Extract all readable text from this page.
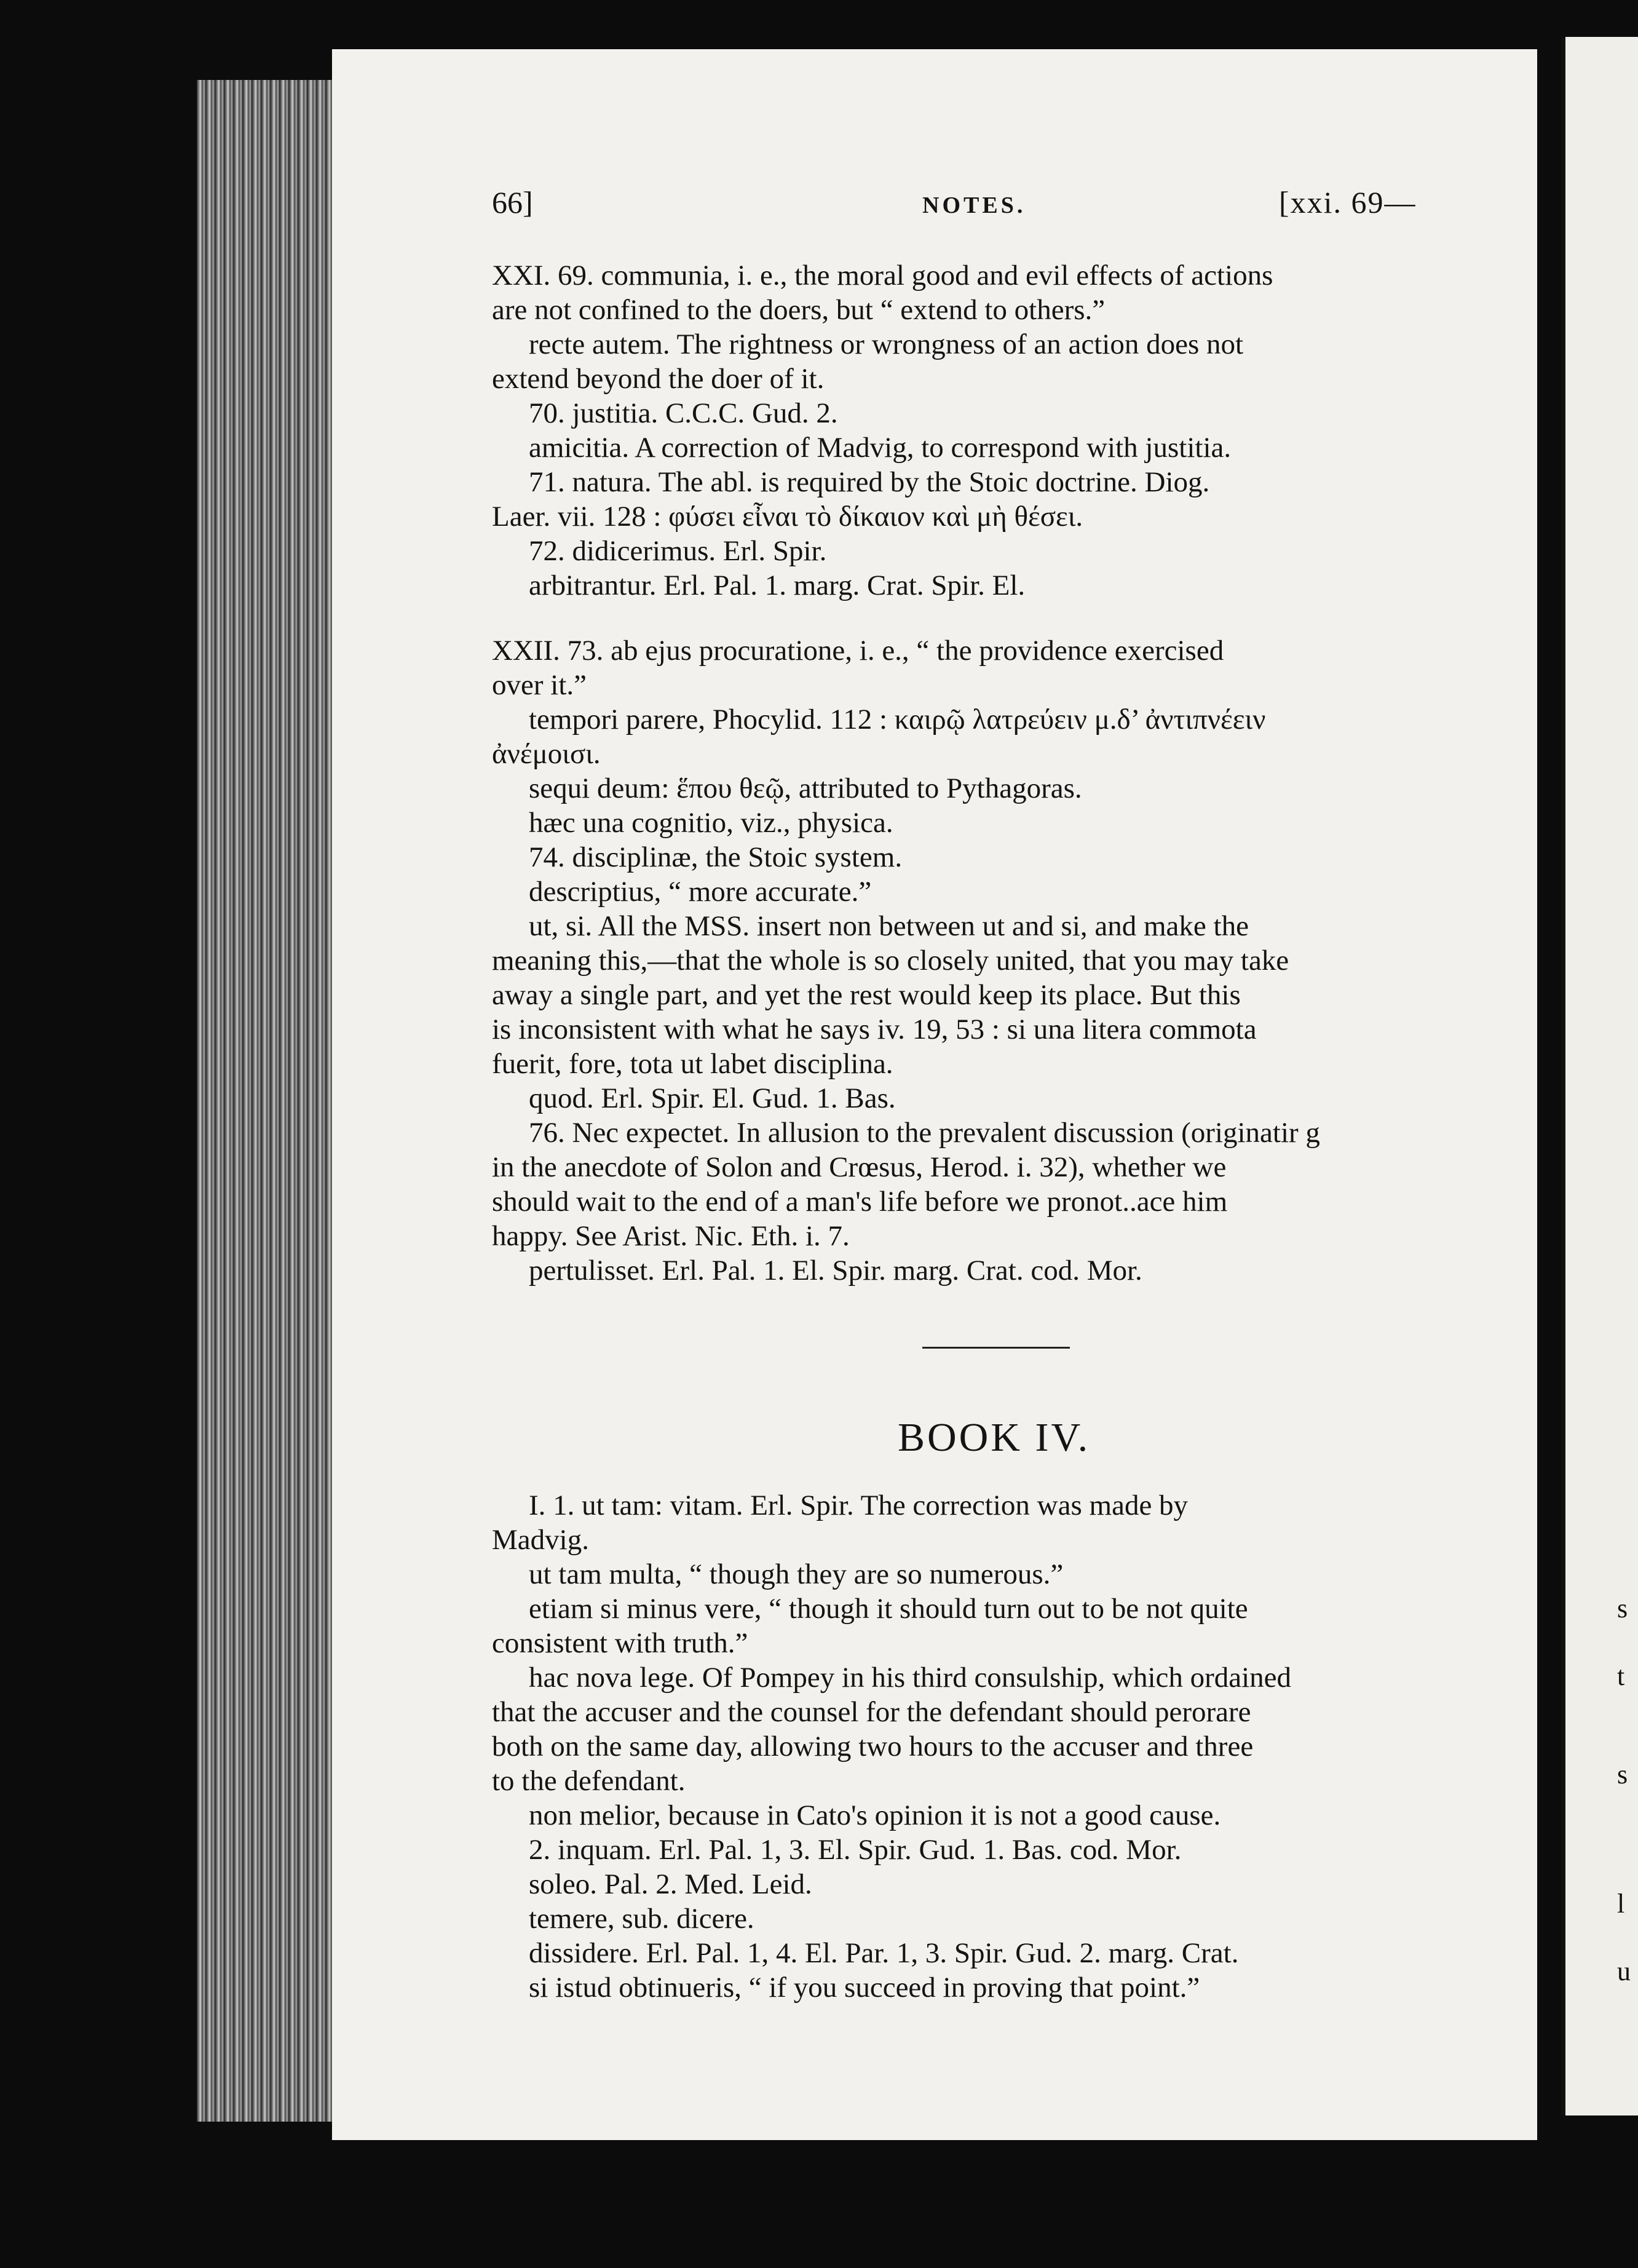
s
t
s
l
u
66]	NOTES.	[xxi. 69—
XXI. 69. communia, i. e., the moral good and evil effects of actions
are not confined to the doers, but “ extend to others.”
recte autem. The rightness or wrongness of an action does not
extend beyond the doer of it.
70. justitia. C.C.C. Gud. 2.
amicitia. A correction of Madvig, to correspond with justitia.
71. natura. The abl. is required by the Stoic doctrine. Diog.
Laer. vii. 128 : φύσει εἶναι τὸ δίκαιον καὶ μὴ θέσει.
72. didicerimus. Erl. Spir.
arbitrantur. Erl. Pal. 1. marg. Crat. Spir. El.
XXII. 73. ab ejus procuratione, i. e., “ the providence exercised
over it.”
tempori parere, Phocylid. 112 : καιρῷ λατρεύειν μ.δ’ ἀντιπνέειν
ἀνέμοισι.
sequi deum: ἕπου θεῷ, attributed to Pythagoras.
hæc una cognitio, viz., physica.
74. disciplinæ, the Stoic system.
descriptius, “ more accurate.”
ut, si. All the MSS. insert non between ut and si, and make the
meaning this,—that the whole is so closely united, that you may take
away a single part, and yet the rest would keep its place. But this
is inconsistent with what he says iv. 19, 53 : si una litera commota
fuerit, fore, tota ut labet disciplina.
quod. Erl. Spir. El. Gud. 1. Bas.
76. Nec expectet. In allusion to the prevalent discussion (originatir g
in the anecdote of Solon and Crœsus, Herod. i. 32), whether we
should wait to the end of a man's life before we pronot..ace him
happy. See Arist. Nic. Eth. i. 7.
pertulisset. Erl. Pal. 1. El. Spir. marg. Crat. cod. Mor.
BOOK IV.
I. 1. ut tam: vitam. Erl. Spir. The correction was made by
Madvig.
ut tam multa, “ though they are so numerous.”
etiam si minus vere, “ though it should turn out to be not quite
consistent with truth.”
hac nova lege. Of Pompey in his third consulship, which ordained
that the accuser and the counsel for the defendant should perorare
both on the same day, allowing two hours to the accuser and three
to the defendant.
non melior, because in Cato's opinion it is not a good cause.
2. inquam. Erl. Pal. 1, 3. El. Spir. Gud. 1. Bas. cod. Mor.
soleo. Pal. 2. Med. Leid.
temere, sub. dicere.
dissidere. Erl. Pal. 1, 4. El. Par. 1, 3. Spir. Gud. 2. marg. Crat.
si istud obtinueris, “ if you succeed in proving that point.”
